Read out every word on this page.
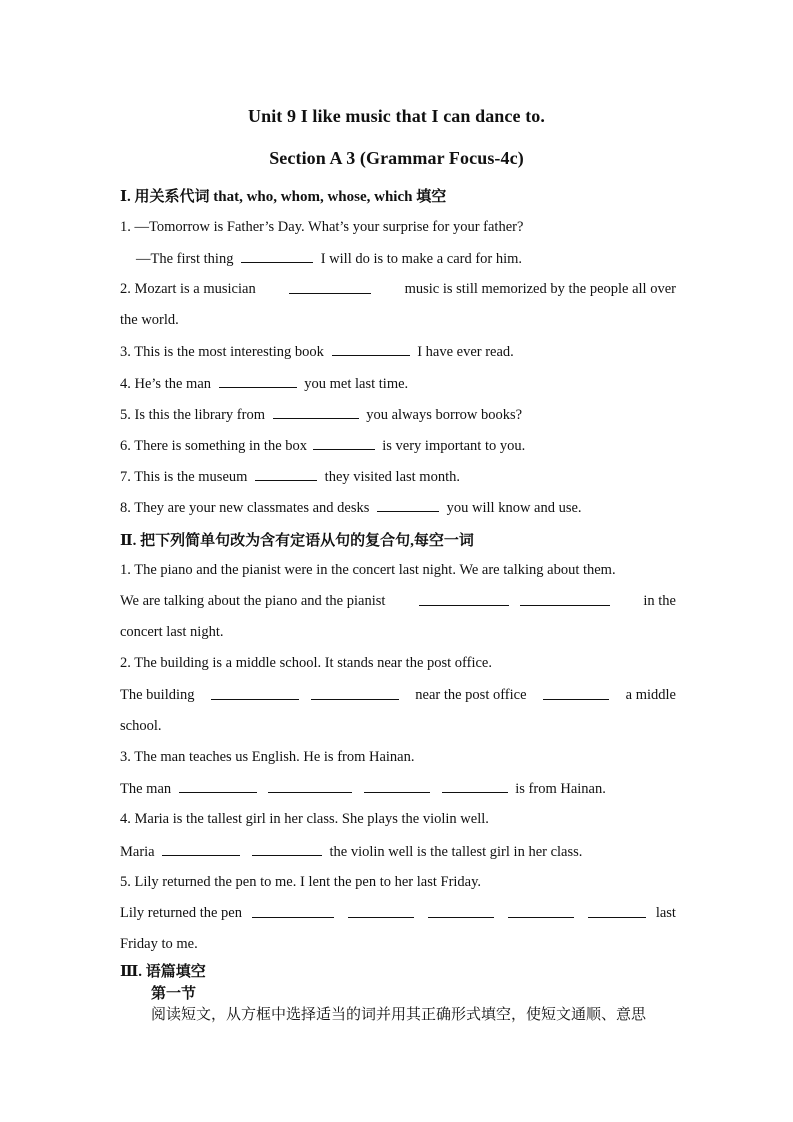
Unit 9 I like music that I can dance to.
Section A 3 (Grammar Focus-4c)
Ⅰ. 用关系代词 that, who, whom, whose, which 填空
1. —Tomorrow is Father’s Day. What’s your surprise for your father?
—The first thing	I will do is to make a card for him.
2. Mozart is a musician	music is still memorized by the people all over
the world.
3. This is the most interesting book	I have ever read.
4. He’s the man	you met last time.
5. Is this the library from	you always borrow books?
6. There is something in the box	is very important to you.
7. This is the museum	they visited last month.
8. They are your new classmates and desks	you will know and use.
Ⅱ. 把下列简单句改为含有定语从句的复合句,每空一词
1. The piano and the pianist were in the concert last night. We are talking about them.
We are talking about the piano and the pianist
	in the
concert last night.
2. The building is a middle school. It stands near the post office.
The building
	near the post office	a middle
school.
3. The man teaches us English. He is from Hainan.
The man	is from Hainan.
4. Maria is the tallest girl in her class. She plays the violin well.
Maria	the violin well is the tallest girl in her class.
5. Lily returned the pen to me. I lent the pen to her last Friday.
Lily returned the pen	last
Friday to me.
Ⅲ. 语篇填空
第一节
阅读短文，从方框中选择适当的词并用其正确形式填空，使短文通顺、意思
